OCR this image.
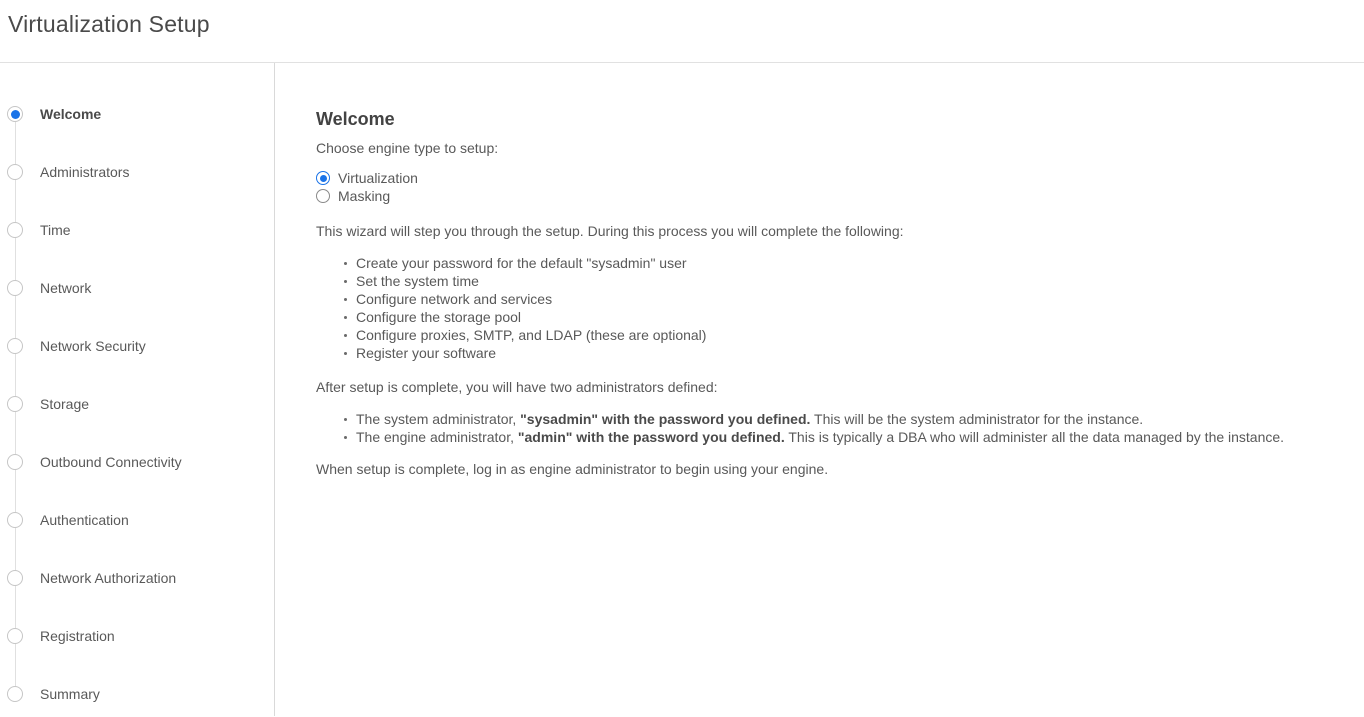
Virtualization Setup
Welcome
Administrators
Time
Network
Network Security
Storage
Outbound Connectivity
Authentication
Network Authorization
Registration
Summary
Welcome

Choose engine type to setup:

Virtualization
Masking

This wizard will step you through the setup. During this process you will complete the following:

Create your password for the default "sysadmin" user
Set the system time
Configure network and services
Configure the storage pool
Configure proxies, SMTP, and LDAP (these are optional)
Register your software

After setup is complete, you will have two administrators defined:

The system administrator, "sysadmin" with the password you defined. This will be the system administrator for the instance.
The engine administrator, "admin" with the password you defined. This is typically a DBA who will administer all the data managed by the instance.

When setup is complete, log in as engine administrator to begin using your engine.
